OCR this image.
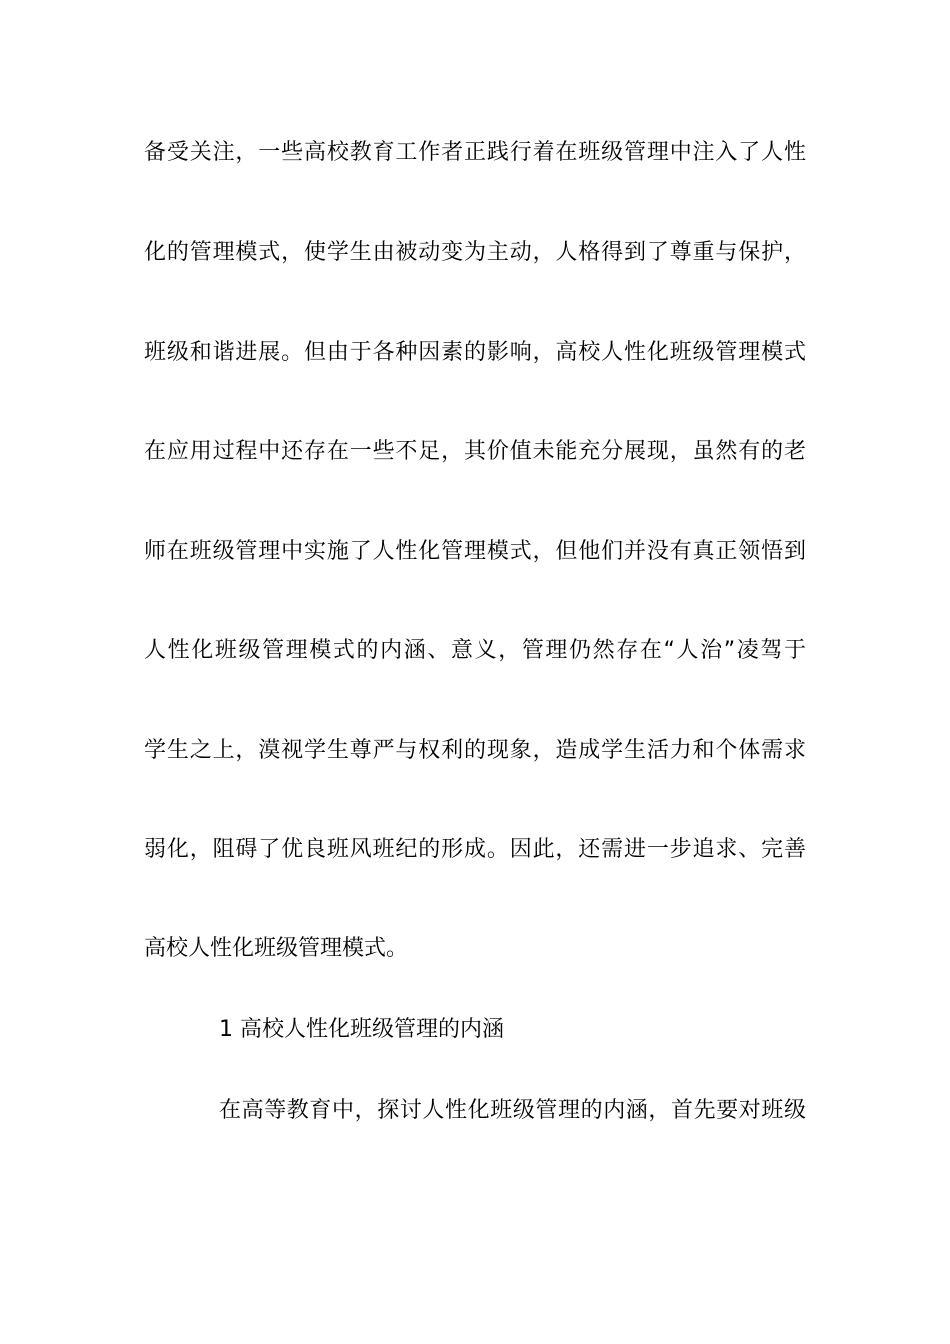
备受关注，一些高校教育工作者正践行着在班级管理中注入了人性
化的管理模式，使学生由被动变为主动，人格得到了尊重与保护，
班级和谐进展。但由于各种因素的影响，高校人性化班级管理模式
在应用过程中还存在一些不足，其价值未能充分展现，虽然有的老
师在班级管理中实施了人性化管理模式，但他们并没有真正领悟到
人性化班级管理模式的内涵、意义，管理仍然存在“人治”凌驾于
学生之上，漠视学生尊严与权利的现象，造成学生活力和个体需求
弱化，阻碍了优良班风班纪的形成。因此，还需进一步追求、完善
高校人性化班级管理模式。
1 高校人性化班级管理的内涵
在高等教育中，探讨人性化班级管理的内涵，首先要对班级
